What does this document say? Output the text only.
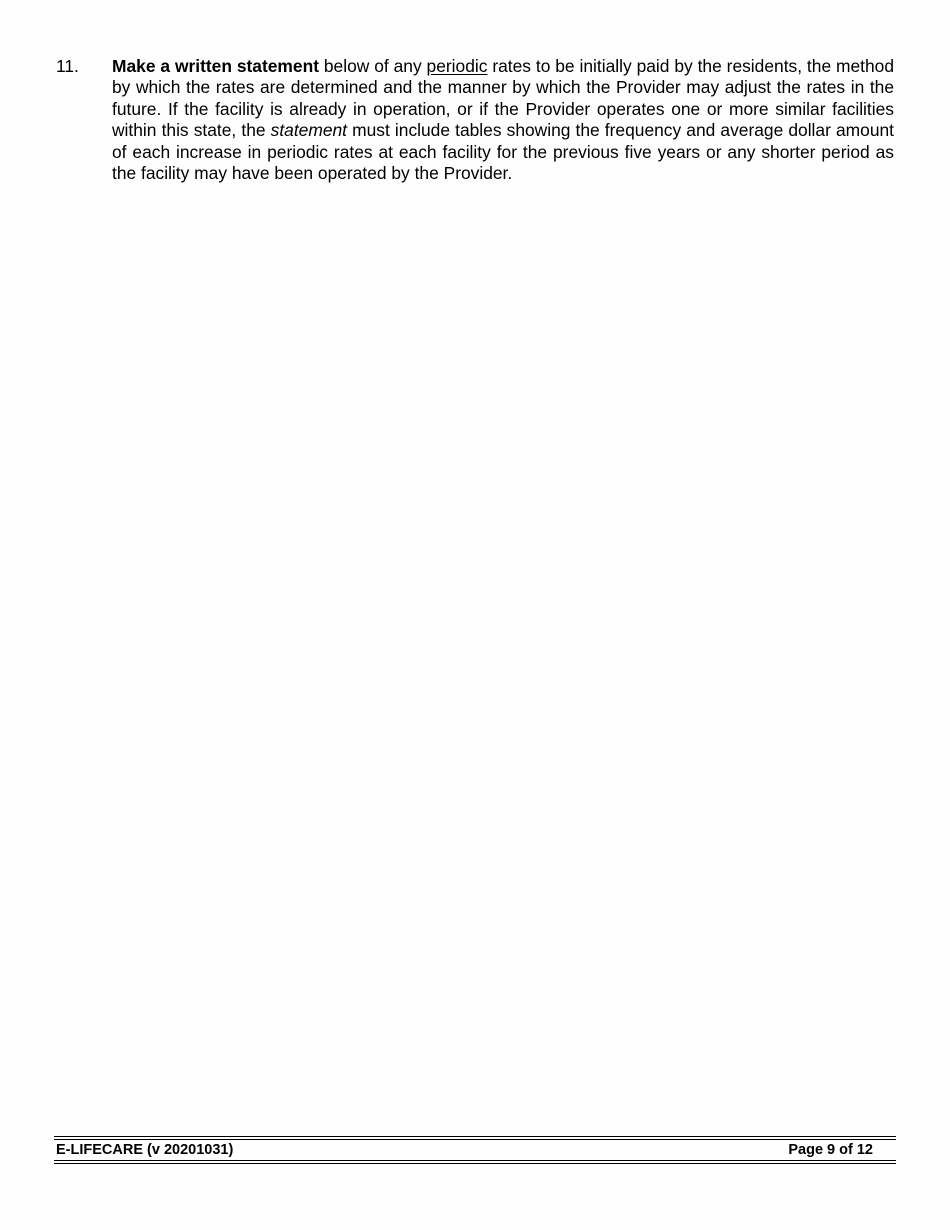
11.	Make a written statement below of any periodic rates to be initially paid by the residents, the method by which the rates are determined and the manner by which the Provider may adjust the rates in the future. If the facility is already in operation, or if the Provider operates one or more similar facilities within this state, the statement must include tables showing the frequency and average dollar amount of each increase in periodic rates at each facility for the previous five years or any shorter period as the facility may have been operated by the Provider.
E-LIFECARE (v 20201031)	Page 9 of 12
